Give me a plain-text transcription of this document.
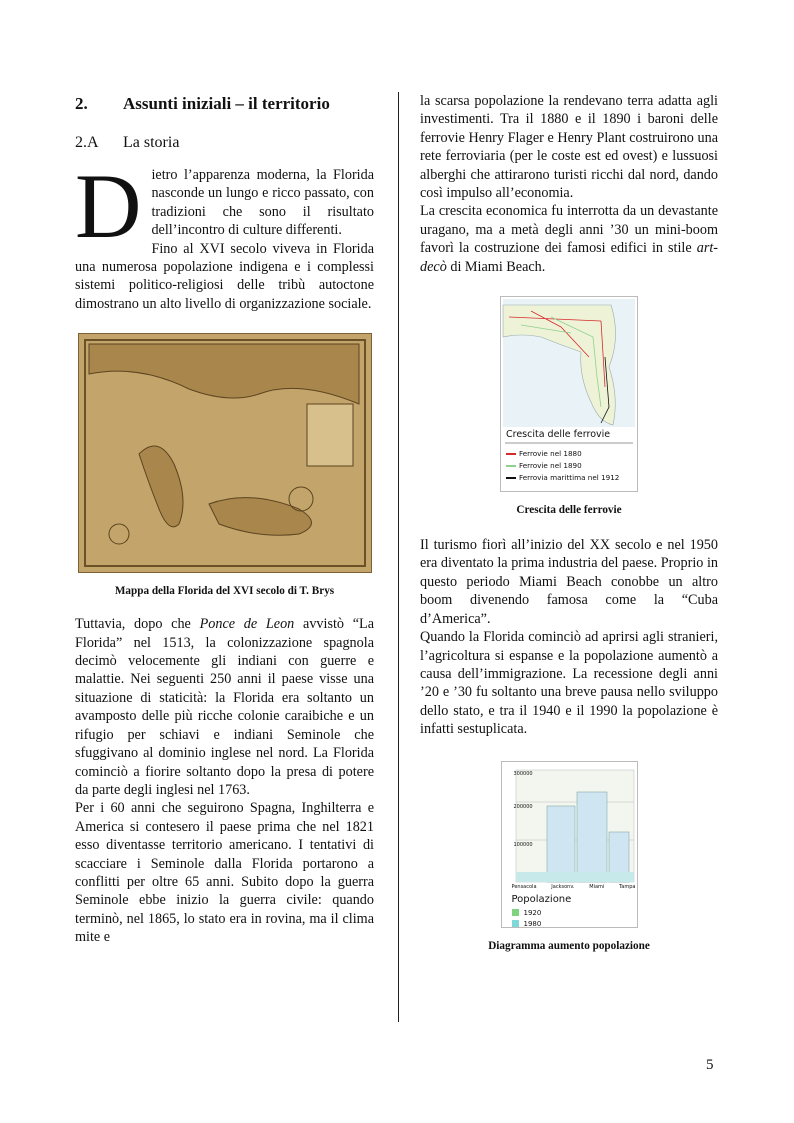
2.	Assunti iniziali – il territorio
2.A	La storia

D ietro l’apparenza moderna, la Florida nasconde un lungo e ricco passato, con tradizioni che sono il risultato dell’incontro di culture differenti.

Fino al XVI secolo viveva in Florida una numerosa popolazione indigena e i complessi sistemi politico-religiosi delle tribù autoctone dimostrano un alto livello di organizzazione sociale.

Mappa della Florida del XVI secolo di T. Brys

Tuttavia, dopo che Ponce de Leon avvistò “La Florida” nel 1513, la colonizzazione spagnola decimò velocemente gli indiani con guerre e malattie. Nei seguenti 250 anni il paese visse una situazione di staticità: la Florida era soltanto un avamposto delle più ricche colonie caraibiche e un rifugio per schiavi e indiani Seminole che sfuggivano al dominio inglese nel nord. La Florida cominciò a fiorire soltanto dopo la presa di potere da parte degli inglesi nel 1763.

Per i 60 anni che seguirono Spagna, Inghilterra e America si contesero il paese prima che nel 1821 esso diventasse territorio americano. I tentativi di scacciare i Seminole dalla Florida portarono a conflitti per oltre 65 anni. Subito dopo la guerra Seminole ebbe inizio la guerra civile: quando terminò, nel 1865, lo stato era in rovina, ma il clima mite e

la scarsa popolazione la rendevano terra adatta agli investimenti. Tra il 1880 e il 1890 i baroni delle ferrovie Henry Flager e Henry Plant costruirono una rete ferroviaria (per le coste est ed ovest) e lussuosi alberghi che attirarono turisti ricchi dal nord, dando così impulso all’economia.

La crescita economica fu interrotta da un devastante uragano, ma a metà degli anni ’30 un mini-boom favorì la costruzione dei famosi edifici in stile art-decò di Miami Beach.

Crescita delle ferrovie
Ferrovie nel 1880
Ferrovie nel 1890
Ferrovia marittima nel 1912
Crescita delle ferrovie

Il turismo fiorì all’inizio del XX secolo e nel 1950 era diventato la prima industria del paese. Proprio in questo periodo Miami Beach conobbe un altro boom divenendo famosa come la “Cuba d’America”.

Quando la Florida cominciò ad aprirsi agli stranieri, l’agricoltura si espanse e la popolazione aumentò a causa dell’immigrazione. La recessione degli anni ’20 e ’30 fu soltanto una breve pausa nello sviluppo dello stato, e tra il 1940 e il 1990 la popolazione è infatti sestuplicata.

300000
200000
100000
Pensacola	Jacksonv.	Miami	Tampa
Popolazione
1920
1980
Diagramma aumento popolazione
5
